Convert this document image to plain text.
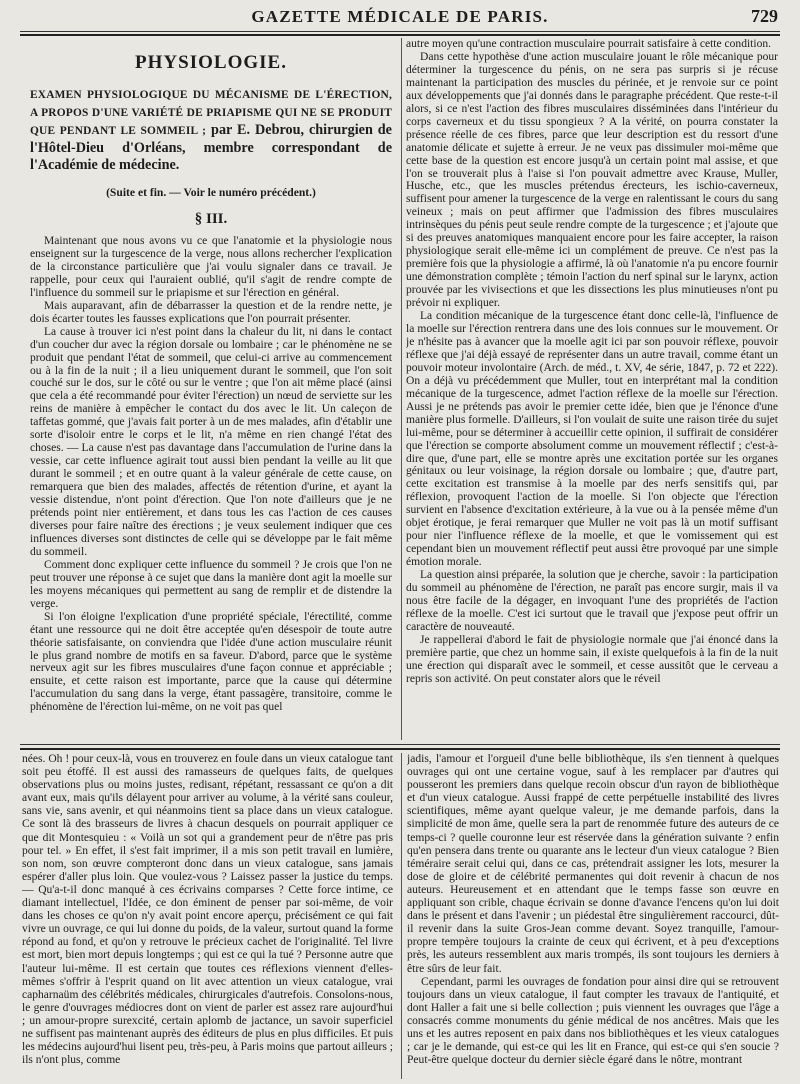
GAZETTE MÉDICALE DE PARIS.	729
PHYSIOLOGIE.
EXAMEN PHYSIOLOGIQUE DU MÉCANISME DE L'ÉRECTION, A PROPOS D'UNE VARIÉTÉ DE PRIAPISME QUI NE SE PRODUIT QUE PENDANT LE SOMMEIL ; par E. Debrou, chirurgien de l'Hôtel-Dieu d'Orléans, membre correspondant de l'Académie de médecine.
(Suite et fin. — Voir le numéro précédent.)
§ III.

Maintenant que nous avons vu ce que l'anatomie et la physiologie nous enseignent sur la turgescence de la verge, nous allons rechercher l'explication de la circonstance particulière que j'ai voulu signaler dans ce travail. Je rappelle, pour ceux qui l'auraient oublié, qu'il s'agit de rendre compte de l'influence du sommeil sur le priapisme et sur l'érection en général.

Mais auparavant, afin de débarrasser la question et de la rendre nette, je dois écarter toutes les fausses explications que l'on pourrait présenter.

La cause à trouver ici n'est point dans la chaleur du lit, ni dans le contact d'un coucher dur avec la région dorsale ou lombaire ; car le phénomène ne se produit que pendant l'état de sommeil, que celui-ci arrive au commencement ou à la fin de la nuit ; il a lieu uniquement durant le sommeil, que l'on soit couché sur le dos, sur le côté ou sur le ventre ; que l'on ait même placé (ainsi que cela a été recommandé pour éviter l'érection) un nœud de serviette sur les reins de manière à empêcher le contact du dos avec le lit. Un caleçon de taffetas gommé, que j'avais fait porter à un de mes malades, afin d'établir une sorte d'isoloir entre le corps et le lit, n'a même en rien changé l'état des choses. — La cause n'est pas davantage dans l'accumulation de l'urine dans la vessie, car cette influence agirait tout aussi bien pendant la veille au lit que durant le sommeil ; et en outre quant à la valeur générale de cette cause, on remarquera que bien des malades, affectés de rétention d'urine, et ayant la vessie distendue, n'ont point d'érection. Que l'on note d'ailleurs que je ne prétends point nier entièrement, et dans tous les cas l'action de ces causes diverses pour faire naître des érections ; je veux seulement indiquer que ces influences diverses sont distinctes de celle qui se développe par le fait même du sommeil.

Comment donc expliquer cette influence du sommeil ? Je crois que l'on ne peut trouver une réponse à ce sujet que dans la manière dont agit la moelle sur les moyens mécaniques qui permettent au sang de remplir et de distendre la verge.

Si l'on éloigne l'explication d'une propriété spéciale, l'érectilité, comme étant une ressource qui ne doit être acceptée qu'en désespoir de toute autre théorie satisfaisante, on conviendra que l'idée d'une action musculaire réunit le plus grand nombre de motifs en sa faveur. D'abord, parce que le système nerveux agit sur les fibres musculaires d'une façon connue et appréciable ; ensuite, et cette raison est importante, parce que la cause qui détermine l'accumulation du sang dans la verge, étant passagère, transitoire, comme le phénomène de l'érection lui-même, on ne voit pas quel

autre moyen qu'une contraction musculaire pourrait satisfaire à cette condition.

Dans cette hypothèse d'une action musculaire jouant le rôle mécanique pour déterminer la turgescence du pénis, on ne sera pas surpris si je récuse maintenant la participation des muscles du périnée, et je renvoie sur ce point aux développements que j'ai donnés dans le paragraphe précédent. Que reste-t-il alors, si ce n'est l'action des fibres musculaires disséminées dans l'intérieur du corps caverneux et du tissu spongieux ? A la vérité, on pourra constater la présence réelle de ces fibres, parce que leur description est du ressort d'une anatomie délicate et sujette à erreur. Je ne veux pas dissimuler moi-même que cette base de la question est encore jusqu'à un certain point mal assise, et que l'on se trouverait plus à l'aise si l'on pouvait admettre avec Krause, Muller, Husche, etc., que les muscles prétendus érecteurs, les ischio-caverneux, suffisent pour amener la turgescence de la verge en ralentissant le cours du sang veineux ; mais on peut affirmer que l'admission des fibres musculaires intrinsèques du pénis peut seule rendre compte de la turgescence ; et j'ajoute que si des preuves anatomiques manquaient encore pour les faire accepter, la raison physiologique serait elle-même ici un complément de preuve. Ce n'est pas la première fois que la physiologie a affirmé, là où l'anatomie n'a pu encore fournir une démonstration complète ; témoin l'action du nerf spinal sur le larynx, action prouvée par les vivisections et que les dissections les plus minutieuses n'ont pu prévoir ni expliquer.

La condition mécanique de la turgescence étant donc celle-là, l'influence de la moelle sur l'érection rentrera dans une des lois connues sur le mouvement. Or je n'hésite pas à avancer que la moelle agit ici par son pouvoir réflexe, pouvoir réflexe que j'ai déjà essayé de représenter dans un autre travail, comme étant un pouvoir moteur involontaire (Arch. de méd., t. XV, 4e série, 1847, p. 72 et 222). On a déjà vu précédemment que Muller, tout en interprétant mal la condition mécanique de la turgescence, admet l'action réflexe de la moelle sur l'érection. Aussi je ne prétends pas avoir le premier cette idée, bien que je l'énonce d'une manière plus formelle. D'ailleurs, si l'on voulait de suite une raison tirée du sujet lui-même, pour se déterminer à accueillir cette opinion, il suffirait de considérer que l'érection se comporte absolument comme un mouvement réflectif ; c'est-à-dire que, d'une part, elle se montre après une excitation portée sur les organes génitaux ou leur voisinage, la région dorsale ou lombaire ; que, d'autre part, cette excitation est transmise à la moelle par des nerfs sensitifs qui, par réflexion, provoquent l'action de la moelle. Si l'on objecte que l'érection survient en l'absence d'excitation extérieure, à la vue ou à la pensée même d'un objet érotique, je ferai remarquer que Muller ne voit pas là un motif suffisant pour nier l'influence réflexe de la moelle, et que le vomissement qui est cependant bien un mouvement réflectif peut aussi être provoqué par une simple émotion morale.

La question ainsi préparée, la solution que je cherche, savoir : la participation du sommeil au phénomène de l'érection, ne paraît pas encore surgir, mais il va nous être facile de la dégager, en invoquant l'une des propriétés de l'action réflexe de la moelle. C'est ici surtout que le travail que j'expose peut offrir un caractère de nouveauté.

Je rappellerai d'abord le fait de physiologie normale que j'ai énoncé dans la première partie, que chez un homme sain, il existe quelquefois à la fin de la nuit une érection qui disparaît avec le sommeil, et cesse aussitôt que le cerveau a repris son activité. On peut constater alors que le réveil

nées. Oh ! pour ceux-là, vous en trouverez en foule dans un vieux catalogue tant soit peu étoffé. Il est aussi des ramasseurs de quelques faits, de quelques observations plus ou moins justes, redisant, répétant, ressassant ce qu'on a dit avant eux, mais qu'ils délayent pour arriver au volume, à la vérité sans couleur, sans vie, sans avenir, et qui néanmoins tient sa place dans un vieux catalogue. Ce sont là des brasseurs de livres à chacun desquels on pourrait appliquer ce que dit Montesquieu : « Voilà un sot qui a grandement peur de n'être pas pris pour tel. » En effet, il s'est fait imprimer, il a mis son petit travail en lumière, son nom, son œuvre compteront donc dans un vieux catalogue, sans jamais espérer d'aller plus loin. Que voulez-vous ? Laissez passer la justice du temps. — Qu'a-t-il donc manqué à ces écrivains comparses ? Cette force intime, ce diamant intellectuel, l'Idée, ce don éminent de penser par soi-même, de voir dans les choses ce qu'on n'y avait point encore aperçu, précisément ce qui fait vivre un ouvrage, ce qui lui donne du poids, de la valeur, surtout quand la forme répond au fond, et qu'on y retrouve le précieux cachet de l'originalité. Tel livre est mort, bien mort depuis longtemps ; qui est ce qui la tué ? Personne autre que l'auteur lui-même. Il est certain que toutes ces réflexions viennent d'elles-mêmes s'offrir à l'esprit quand on lit avec attention un vieux catalogue, vrai capharnaüm des célébrités médicales, chirurgicales d'autrefois. Consolons-nous, le genre d'ouvrages médiocres dont on vient de parler est assez rare aujourd'hui ; un amour-propre surexcité, certain aplomb de jactance, un savoir superficiel ne suffisent pas maintenant auprès des éditeurs de plus en plus difficiles. Et puis les médecins aujourd'hui lisent peu, très-peu, à Paris moins que partout ailleurs ; ils n'ont plus, comme

jadis, l'amour et l'orgueil d'une belle bibliothèque, ils s'en tiennent à quelques ouvrages qui ont une certaine vogue, sauf à les remplacer par d'autres qui pousseront les premiers dans quelque recoin obscur d'un rayon de bibliothèque et d'un vieux catalogue. Aussi frappé de cette perpétuelle instabilité des livres scientifiques, même ayant quelque valeur, je me demande parfois, dans la simplicité de mon âme, quelle sera la part de renommée future des auteurs de ce temps-ci ? quelle couronne leur est réservée dans la génération suivante ? enfin qu'en pensera dans trente ou quarante ans le lecteur d'un vieux catalogue ? Bien téméraire serait celui qui, dans ce cas, prétendrait assigner les lots, mesurer la dose de gloire et de célébrité permanentes qui doit revenir à chacun de nos auteurs. Heureusement et en attendant que le temps fasse son œuvre en appliquant son crible, chaque écrivain se donne d'avance l'encens qu'on lui doit dans le présent et dans l'avenir ; un piédestal être singulièrement raccourci, dût-il revenir dans la suite Gros-Jean comme devant. Soyez tranquille, l'amour-propre tempère toujours la crainte de ceux qui écrivent, et à peu d'exceptions près, les auteurs ressemblent aux maris trompés, ils sont toujours les derniers à être sûrs de leur fait.

Cependant, parmi les ouvrages de fondation pour ainsi dire qui se retrouvent toujours dans un vieux catalogue, il faut compter les travaux de l'antiquité, et dont Haller a fait une si belle collection ; puis viennent les ouvrages que l'âge a consacrés comme monuments du génie médical de nos ancêtres. Mais que les uns et les autres reposent en paix dans nos bibliothèques et les vieux catalogues ; car je le demande, qui est-ce qui les lit en France, qui est-ce qui s'en soucie ? Peut-être quelque docteur du dernier siècle égaré dans le nôtre, montrant
